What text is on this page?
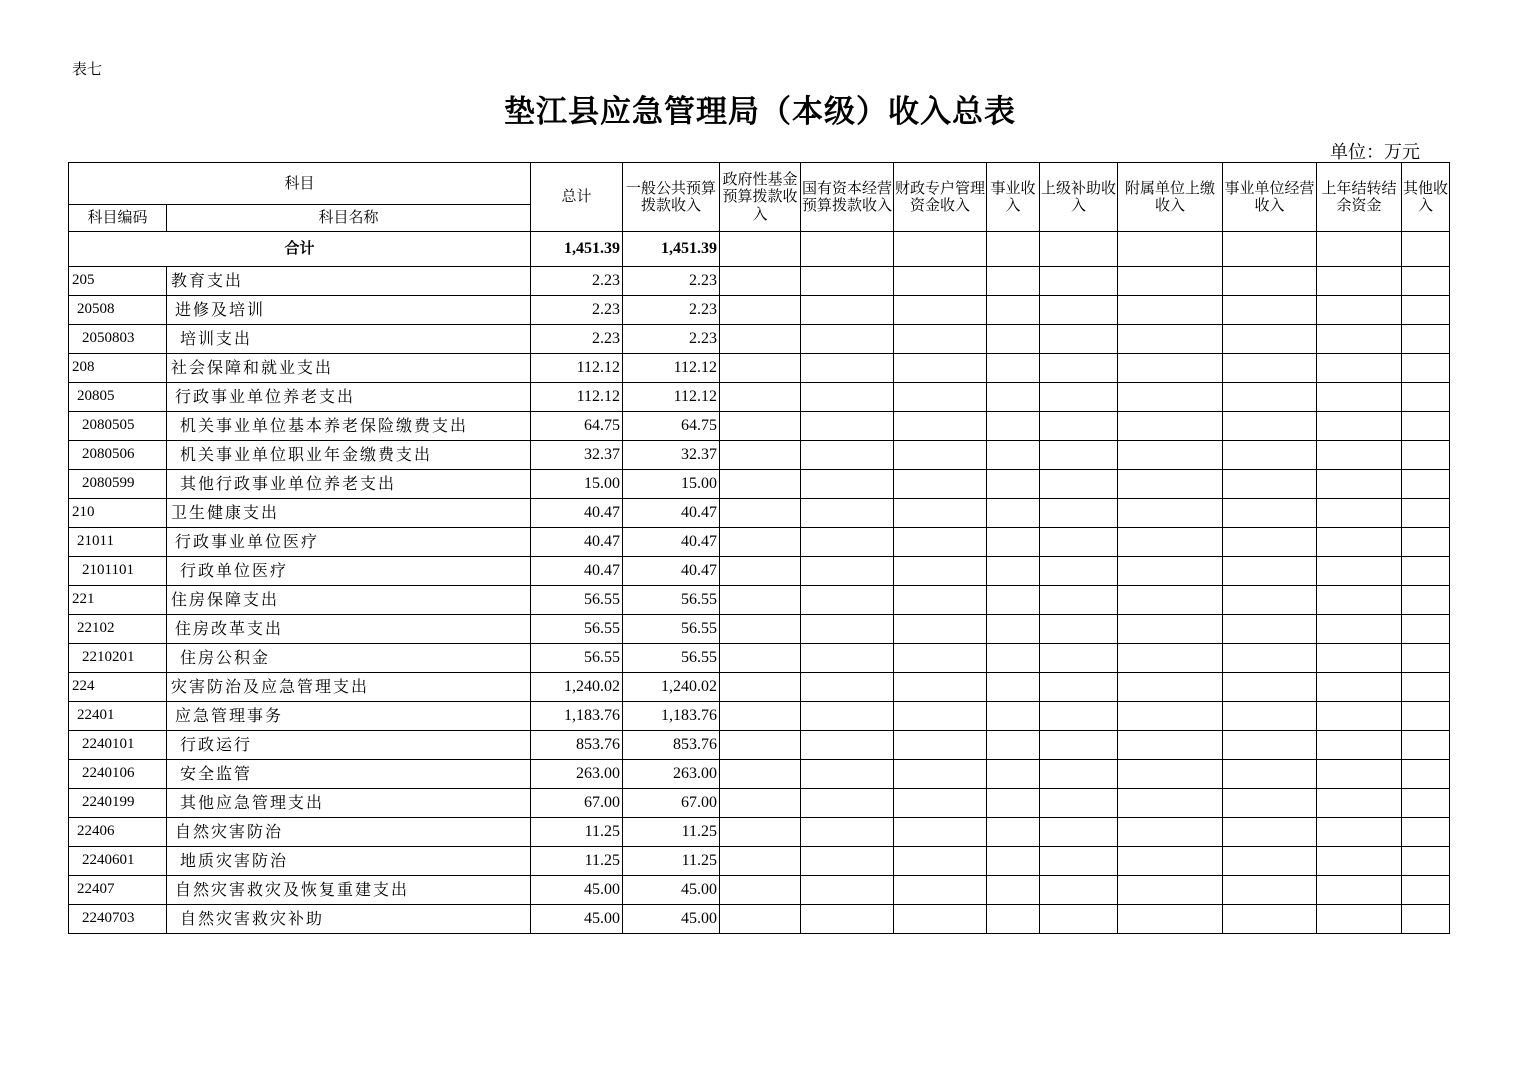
表七
垫江县应急管理局（本级）收入总表
单位：万元
科目		总计	一般公共预算拨款收入	政府性基金预算拨款收入	国有资本经营预算拨款收入	财政专户管理资金收入	事业收入	上级补助收入	附属单位上缴收入	事业单位经营收入	上年结转结余资金	其他收入
科目编码	科目名称											
合计		1,451.39	1,451.39									
205	教育支出	2.23	2.23									
20508	进修及培训	2.23	2.23									
2050803	培训支出	2.23	2.23									
208	社会保障和就业支出	112.12	112.12									
20805	行政事业单位养老支出	112.12	112.12									
2080505	机关事业单位基本养老保险缴费支出	64.75	64.75									
2080506	机关事业单位职业年金缴费支出	32.37	32.37									
2080599	其他行政事业单位养老支出	15.00	15.00									
210	卫生健康支出	40.47	40.47									
21011	行政事业单位医疗	40.47	40.47									
2101101	行政单位医疗	40.47	40.47									
221	住房保障支出	56.55	56.55									
22102	住房改革支出	56.55	56.55									
2210201	住房公积金	56.55	56.55									
224	灾害防治及应急管理支出	1,240.02	1,240.02									
22401	应急管理事务	1,183.76	1,183.76									
2240101	行政运行	853.76	853.76									
2240106	安全监管	263.00	263.00									
2240199	其他应急管理支出	67.00	67.00									
22406	自然灾害防治	11.25	11.25									
2240601	地质灾害防治	11.25	11.25									
22407	自然灾害救灾及恢复重建支出	45.00	45.00									
2240703	自然灾害救灾补助	45.00	45.00									
